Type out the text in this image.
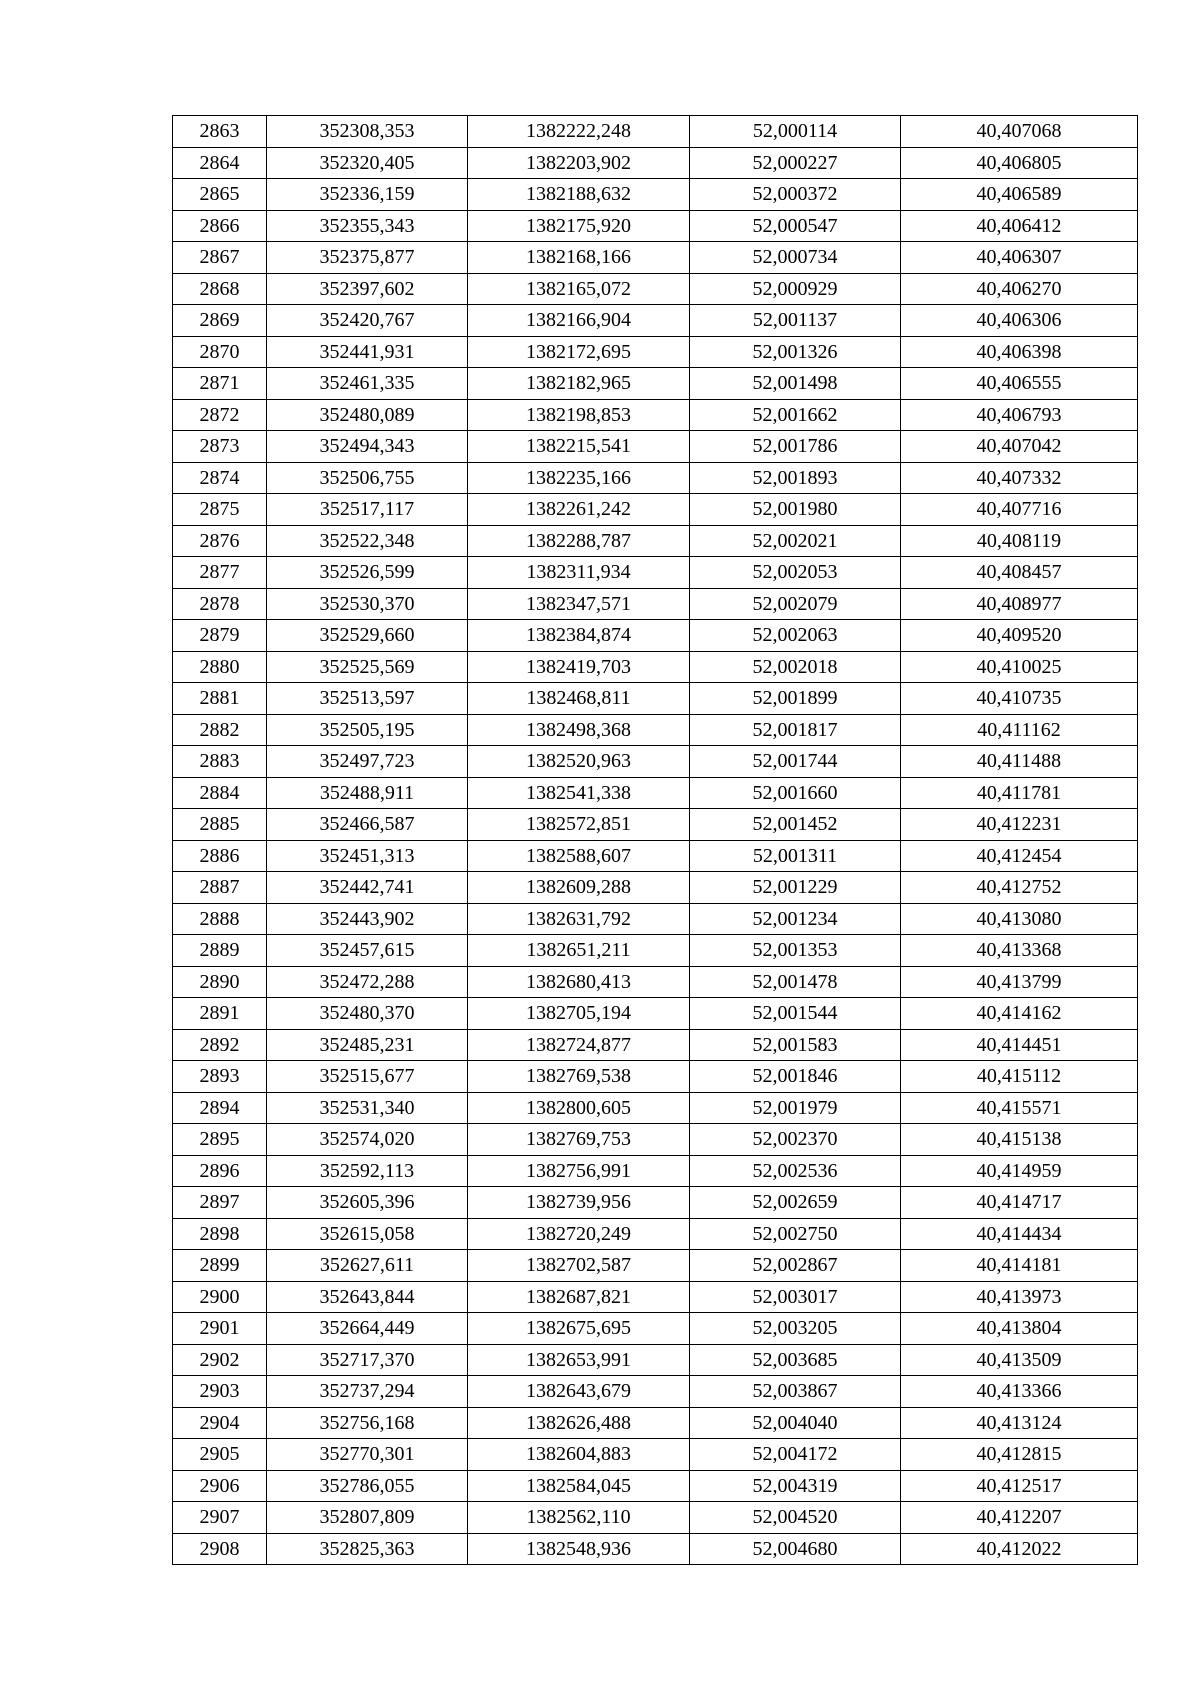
2863	352308,353	1382222,248	52,000114	40,407068
2864	352320,405	1382203,902	52,000227	40,406805
2865	352336,159	1382188,632	52,000372	40,406589
2866	352355,343	1382175,920	52,000547	40,406412
2867	352375,877	1382168,166	52,000734	40,406307
2868	352397,602	1382165,072	52,000929	40,406270
2869	352420,767	1382166,904	52,001137	40,406306
2870	352441,931	1382172,695	52,001326	40,406398
2871	352461,335	1382182,965	52,001498	40,406555
2872	352480,089	1382198,853	52,001662	40,406793
2873	352494,343	1382215,541	52,001786	40,407042
2874	352506,755	1382235,166	52,001893	40,407332
2875	352517,117	1382261,242	52,001980	40,407716
2876	352522,348	1382288,787	52,002021	40,408119
2877	352526,599	1382311,934	52,002053	40,408457
2878	352530,370	1382347,571	52,002079	40,408977
2879	352529,660	1382384,874	52,002063	40,409520
2880	352525,569	1382419,703	52,002018	40,410025
2881	352513,597	1382468,811	52,001899	40,410735
2882	352505,195	1382498,368	52,001817	40,411162
2883	352497,723	1382520,963	52,001744	40,411488
2884	352488,911	1382541,338	52,001660	40,411781
2885	352466,587	1382572,851	52,001452	40,412231
2886	352451,313	1382588,607	52,001311	40,412454
2887	352442,741	1382609,288	52,001229	40,412752
2888	352443,902	1382631,792	52,001234	40,413080
2889	352457,615	1382651,211	52,001353	40,413368
2890	352472,288	1382680,413	52,001478	40,413799
2891	352480,370	1382705,194	52,001544	40,414162
2892	352485,231	1382724,877	52,001583	40,414451
2893	352515,677	1382769,538	52,001846	40,415112
2894	352531,340	1382800,605	52,001979	40,415571
2895	352574,020	1382769,753	52,002370	40,415138
2896	352592,113	1382756,991	52,002536	40,414959
2897	352605,396	1382739,956	52,002659	40,414717
2898	352615,058	1382720,249	52,002750	40,414434
2899	352627,611	1382702,587	52,002867	40,414181
2900	352643,844	1382687,821	52,003017	40,413973
2901	352664,449	1382675,695	52,003205	40,413804
2902	352717,370	1382653,991	52,003685	40,413509
2903	352737,294	1382643,679	52,003867	40,413366
2904	352756,168	1382626,488	52,004040	40,413124
2905	352770,301	1382604,883	52,004172	40,412815
2906	352786,055	1382584,045	52,004319	40,412517
2907	352807,809	1382562,110	52,004520	40,412207
2908	352825,363	1382548,936	52,004680	40,412022
